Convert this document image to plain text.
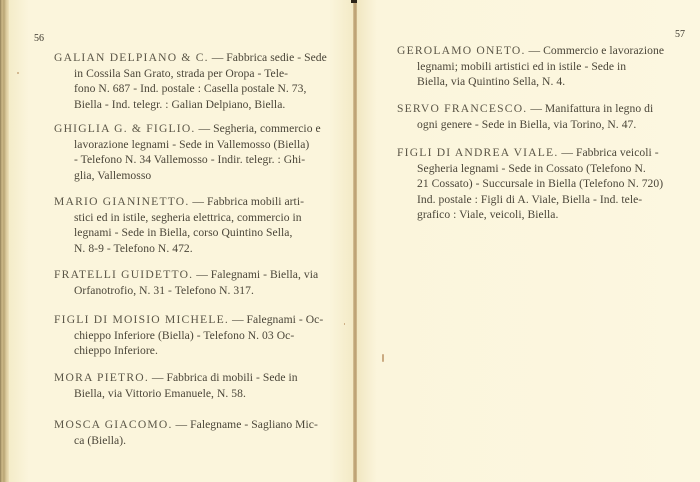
56
GALIAN DELPIANO & C. — Fabbrica sedie - Sede
in Cossila San Grato, strada per Oropa - Tele-
fono N. 687 - Ind. postale : Casella postale N. 73,
Biella - Ind. telegr. : Galian Delpiano, Biella.
GHIGLIA G. & FIGLIO. — Segheria, commercio e
lavorazione legnami - Sede in Vallemosso (Biella)
- Telefono N. 34 Vallemosso - Indir. telegr. : Ghi-
glia, Vallemosso
MARIO GIANINETTO. — Fabbrica mobili arti-
stici ed in istile, segheria elettrica, commercio in
legnami - Sede in Biella, corso Quintino Sella,
N. 8-9 - Telefono N. 472.
FRATELLI GUIDETTO. — Falegnami - Biella, via
Orfanotrofio, N. 31 - Telefono N. 317.
FIGLI DI MOISIO MICHELE. — Falegnami - Oc-
chieppo Inferiore (Biella) - Telefono N. 03 Oc-
chieppo Inferiore.
MORA PIETRO. — Fabbrica di mobili - Sede in
Biella, via Vittorio Emanuele, N. 58.
MOSCA GIACOMO. — Falegname - Sagliano Mic-
ca (Biella).
57
GEROLAMO ONETO. — Commercio e lavorazione
legnami; mobili artistici ed in istile - Sede in
Biella, via Quintino Sella, N. 4.
SERVO FRANCESCO. — Manifattura in legno di
ogni genere - Sede in Biella, via Torino, N. 47.
FIGLI DI ANDREA VIALE. — Fabbrica veicoli -
Segheria legnami - Sede in Cossato (Telefono N.
21 Cossato) - Succursale in Biella (Telefono N. 720)
Ind. postale : Figli di A. Viale, Biella - Ind. tele-
grafico : Viale, veicoli, Biella.
